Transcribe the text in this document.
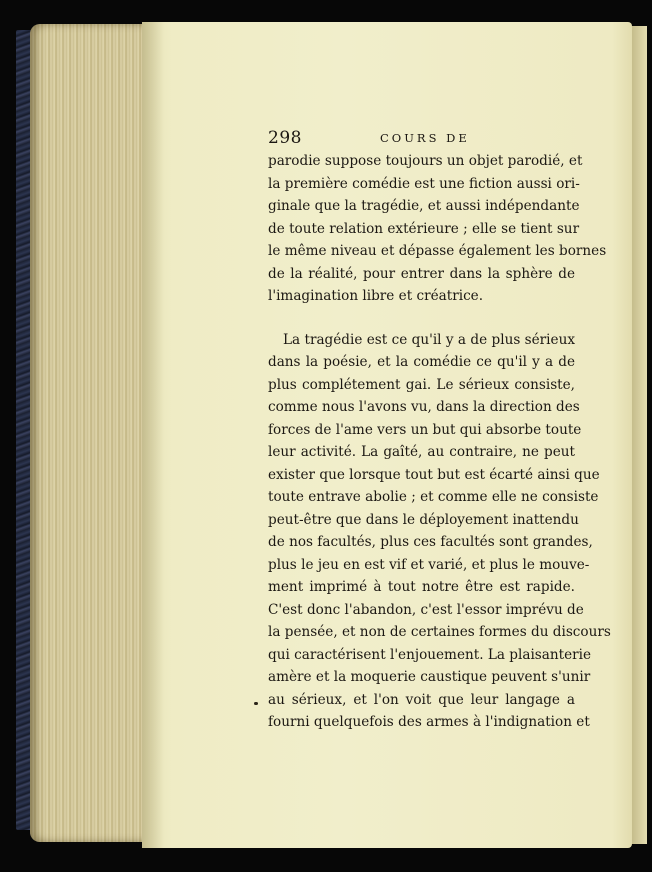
298	COURS DE
parodie suppose toujours un objet parodié, et
la première comédie est une fiction aussi ori-
ginale que la tragédie, et aussi indépendante
de toute relation extérieure ; elle se tient sur
le même niveau et dépasse également les bornes
de la réalité, pour entrer dans la sphère de
l'imagination libre et créatrice.
La tragédie est ce qu'il y a de plus sérieux
dans la poésie, et la comédie ce qu'il y a de
plus complétement gai. Le sérieux consiste,
comme nous l'avons vu, dans la direction des
forces de l'ame vers un but qui absorbe toute
leur activité. La gaîté, au contraire, ne peut
exister que lorsque tout but est écarté ainsi que
toute entrave abolie ; et comme elle ne consiste
peut-être que dans le déployement inattendu
de nos facultés, plus ces facultés sont grandes,
plus le jeu en est vif et varié, et plus le mouve-
ment imprimé à tout notre être est rapide.
C'est donc l'abandon, c'est l'essor imprévu de
la pensée, et non de certaines formes du discours
qui caractérisent l'enjouement. La plaisanterie
amère et la moquerie caustique peuvent s'unir
au sérieux, et l'on voit que leur langage a
fourni quelquefois des armes à l'indignation et
